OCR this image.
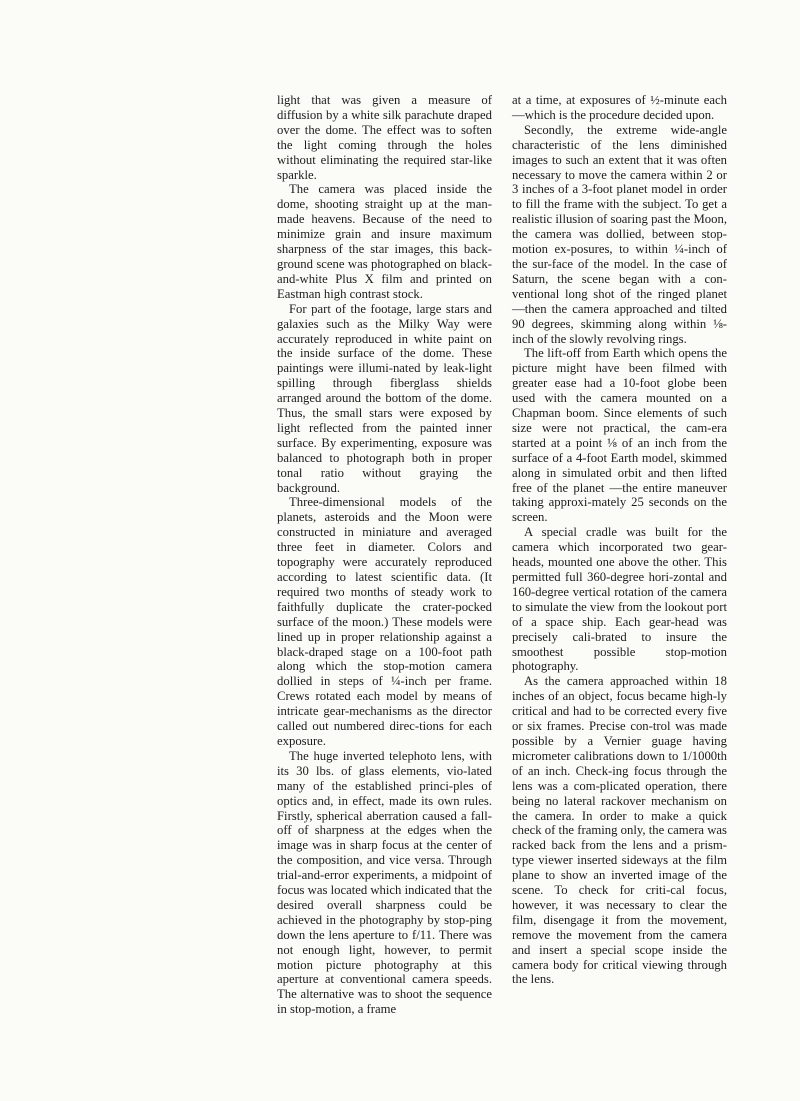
light that was given a measure of diffusion by a white silk parachute draped over the dome. The effect was to soften the light coming through the holes without eliminating the required star-like sparkle.

The camera was placed inside the dome, shooting straight up at the man-made heavens. Because of the need to minimize grain and insure maximum sharpness of the star images, this back-ground scene was photographed on black-and-white Plus X film and printed on Eastman high contrast stock.

For part of the footage, large stars and galaxies such as the Milky Way were accurately reproduced in white paint on the inside surface of the dome. These paintings were illumi-nated by leak-light spilling through fiberglass shields arranged around the bottom of the dome. Thus, the small stars were exposed by light reflected from the painted inner surface. By experimenting, exposure was balanced to photograph both in proper tonal ratio without graying the background.

Three-dimensional models of the planets, asteroids and the Moon were constructed in miniature and averaged three feet in diameter. Colors and topography were accurately reproduced according to latest scientific data. (It required two months of steady work to faithfully duplicate the crater-pocked surface of the moon.) These models were lined up in proper relationship against a black-draped stage on a 100-foot path along which the stop-motion camera dollied in steps of ¼-inch per frame. Crews rotated each model by means of intricate gear-mechanisms as the director called out numbered direc-tions for each exposure.

The huge inverted telephoto lens, with its 30 lbs. of glass elements, vio-lated many of the established princi-ples of optics and, in effect, made its own rules. Firstly, spherical aberration caused a fall-off of sharpness at the edges when the image was in sharp focus at the center of the composition, and vice versa. Through trial-and-error experiments, a midpoint of focus was located which indicated that the desired overall sharpness could be achieved in the photography by stop-ping down the lens aperture to f/11. There was not enough light, however, to permit motion picture photography at this aperture at conventional camera speeds. The alternative was to shoot the sequence in stop-motion, a frame

at a time, at exposures of ½-minute each—which is the procedure decided upon.

Secondly, the extreme wide-angle characteristic of the lens diminished images to such an extent that it was often necessary to move the camera within 2 or 3 inches of a 3-foot planet model in order to fill the frame with the subject. To get a realistic illusion of soaring past the Moon, the camera was dollied, between stop-motion ex-posures, to within ¼-inch of the sur-face of the model. In the case of Saturn, the scene began with a con-ventional long shot of the ringed planet —then the camera approached and tilted 90 degrees, skimming along within ⅛-inch of the slowly revolving rings.

The lift-off from Earth which opens the picture might have been filmed with greater ease had a 10-foot globe been used with the camera mounted on a Chapman boom. Since elements of such size were not practical, the cam-era started at a point ⅛ of an inch from the surface of a 4-foot Earth model, skimmed along in simulated orbit and then lifted free of the planet —the entire maneuver taking approxi-mately 25 seconds on the screen.

A special cradle was built for the camera which incorporated two gear-heads, mounted one above the other. This permitted full 360-degree hori-zontal and 160-degree vertical rotation of the camera to simulate the view from the lookout port of a space ship. Each gear-head was precisely cali-brated to insure the smoothest possible stop-motion photography.

As the camera approached within 18 inches of an object, focus became high-ly critical and had to be corrected every five or six frames. Precise con-trol was made possible by a Vernier guage having micrometer calibrations down to 1/1000th of an inch. Check-ing focus through the lens was a com-plicated operation, there being no lateral rackover mechanism on the camera. In order to make a quick check of the framing only, the camera was racked back from the lens and a prism-type viewer inserted sideways at the film plane to show an inverted image of the scene. To check for criti-cal focus, however, it was necessary to clear the film, disengage it from the movement, remove the movement from the camera and insert a special scope inside the camera body for critical viewing through the lens.
